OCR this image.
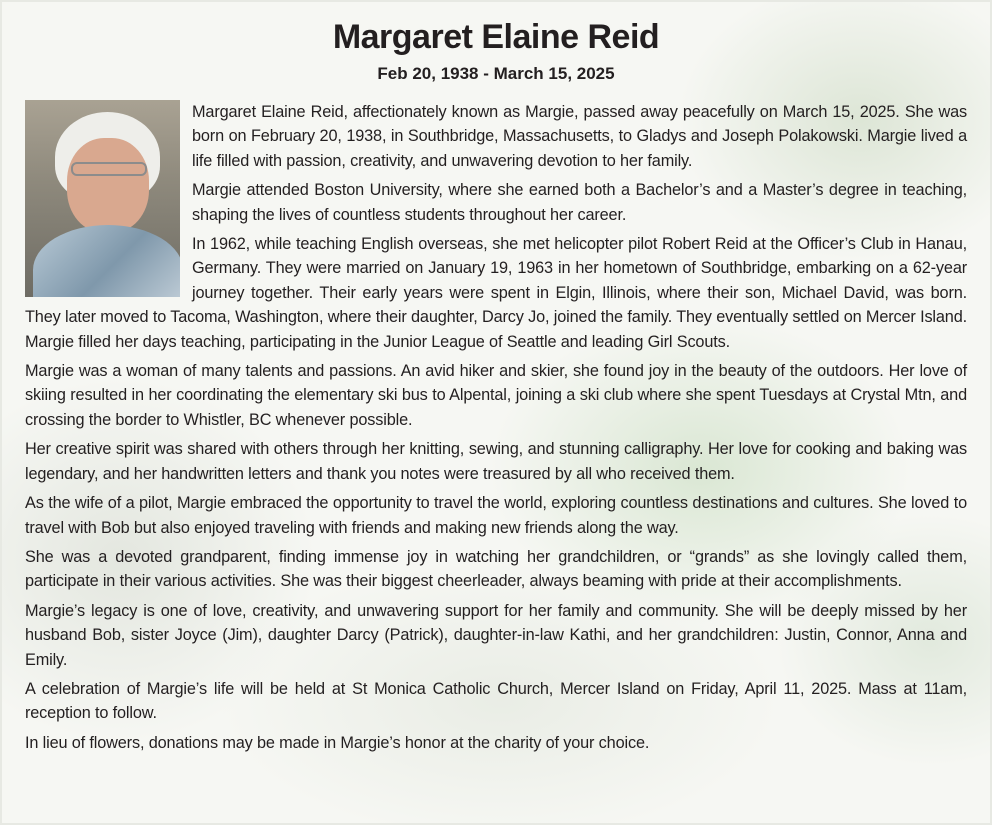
Margaret Elaine Reid
Feb 20, 1938 - March 15, 2025

Margaret Elaine Reid, affectionately known as Margie, passed away peacefully on March 15, 2025. She was born on February 20, 1938, in Southbridge, Massachusetts, to Gladys and Joseph Polakowski. Margie lived a life filled with passion, creativity, and unwavering devotion to her family.

Margie attended Boston University, where she earned both a Bachelor’s and a Master’s degree in teaching, shaping the lives of countless students throughout her career.

In 1962, while teaching English overseas, she met helicopter pilot Robert Reid at the Officer’s Club in Hanau, Germany. They were married on January 19, 1963 in her hometown of Southbridge, embarking on a 62-year journey together. Their early years were spent in Elgin, Illinois, where their son, Michael David, was born. They later moved to Tacoma, Washington, where their daughter, Darcy Jo, joined the family. They eventually settled on Mercer Island. Margie filled her days teaching, participating in the Junior League of Seattle and leading Girl Scouts.

Margie was a woman of many talents and passions. An avid hiker and skier, she found joy in the beauty of the outdoors. Her love of skiing resulted in her coordinating the elementary ski bus to Alpental, joining a ski club where she spent Tuesdays at Crystal Mtn, and crossing the border to Whistler, BC whenever possible.

Her creative spirit was shared with others through her knitting, sewing, and stunning calligraphy. Her love for cooking and baking was legendary, and her handwritten letters and thank you notes were treasured by all who received them.

As the wife of a pilot, Margie embraced the opportunity to travel the world, exploring countless destinations and cultures. She loved to travel with Bob but also enjoyed traveling with friends and making new friends along the way.

She was a devoted grandparent, finding immense joy in watching her grandchildren, or “grands” as she lovingly called them, participate in their various activities. She was their biggest cheerleader, always beaming with pride at their accomplishments.

Margie’s legacy is one of love, creativity, and unwavering support for her family and community. She will be deeply missed by her husband Bob, sister Joyce (Jim), daughter Darcy (Patrick), daughter-in-law Kathi, and her grandchildren: Justin, Connor, Anna and Emily.

A celebration of Margie’s life will be held at St Monica Catholic Church, Mercer Island on Friday, April 11, 2025. Mass at 11am, reception to follow.

In lieu of flowers, donations may be made in Margie’s honor at the charity of your choice.
